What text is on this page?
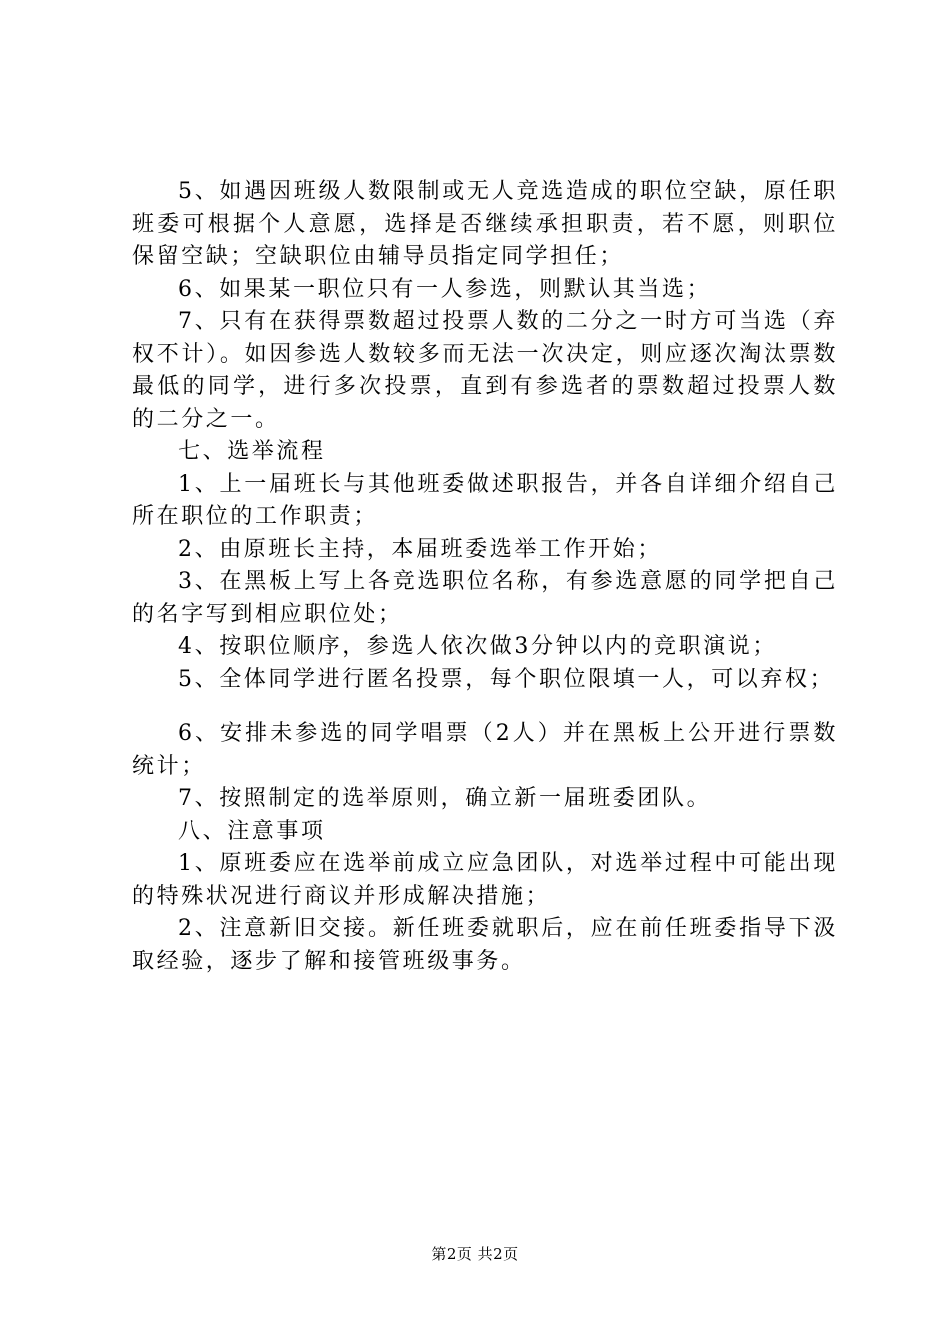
5、如遇因班级人数限制或无人竞选造成的职位空缺，原任职班委可根据个人意愿，选择是否继续承担职责，若不愿，则职位保留空缺；空缺职位由辅导员指定同学担任；

6、如果某一职位只有一人参选，则默认其当选；

7、只有在获得票数超过投票人数的二分之一时方可当选（弃权不计）。如因参选人数较多而无法一次决定，则应逐次淘汰票数最低的同学，进行多次投票，直到有参选者的票数超过投票人数的二分之一。

七、选举流程

1、上一届班长与其他班委做述职报告，并各自详细介绍自己所在职位的工作职责；

2、由原班长主持，本届班委选举工作开始；

3、在黑板上写上各竞选职位名称，有参选意愿的同学把自己的名字写到相应职位处；

4、按职位顺序，参选人依次做3分钟以内的竞职演说；

5、全体同学进行匿名投票，每个职位限填一人，可以弃权；

6、安排未参选的同学唱票（2人）并在黑板上公开进行票数统计；

7、按照制定的选举原则，确立新一届班委团队。

八、注意事项

1、原班委应在选举前成立应急团队，对选举过程中可能出现的特殊状况进行商议并形成解决措施；

2、注意新旧交接。新任班委就职后，应在前任班委指导下汲取经验，逐步了解和接管班级事务。

第2页 共2页
